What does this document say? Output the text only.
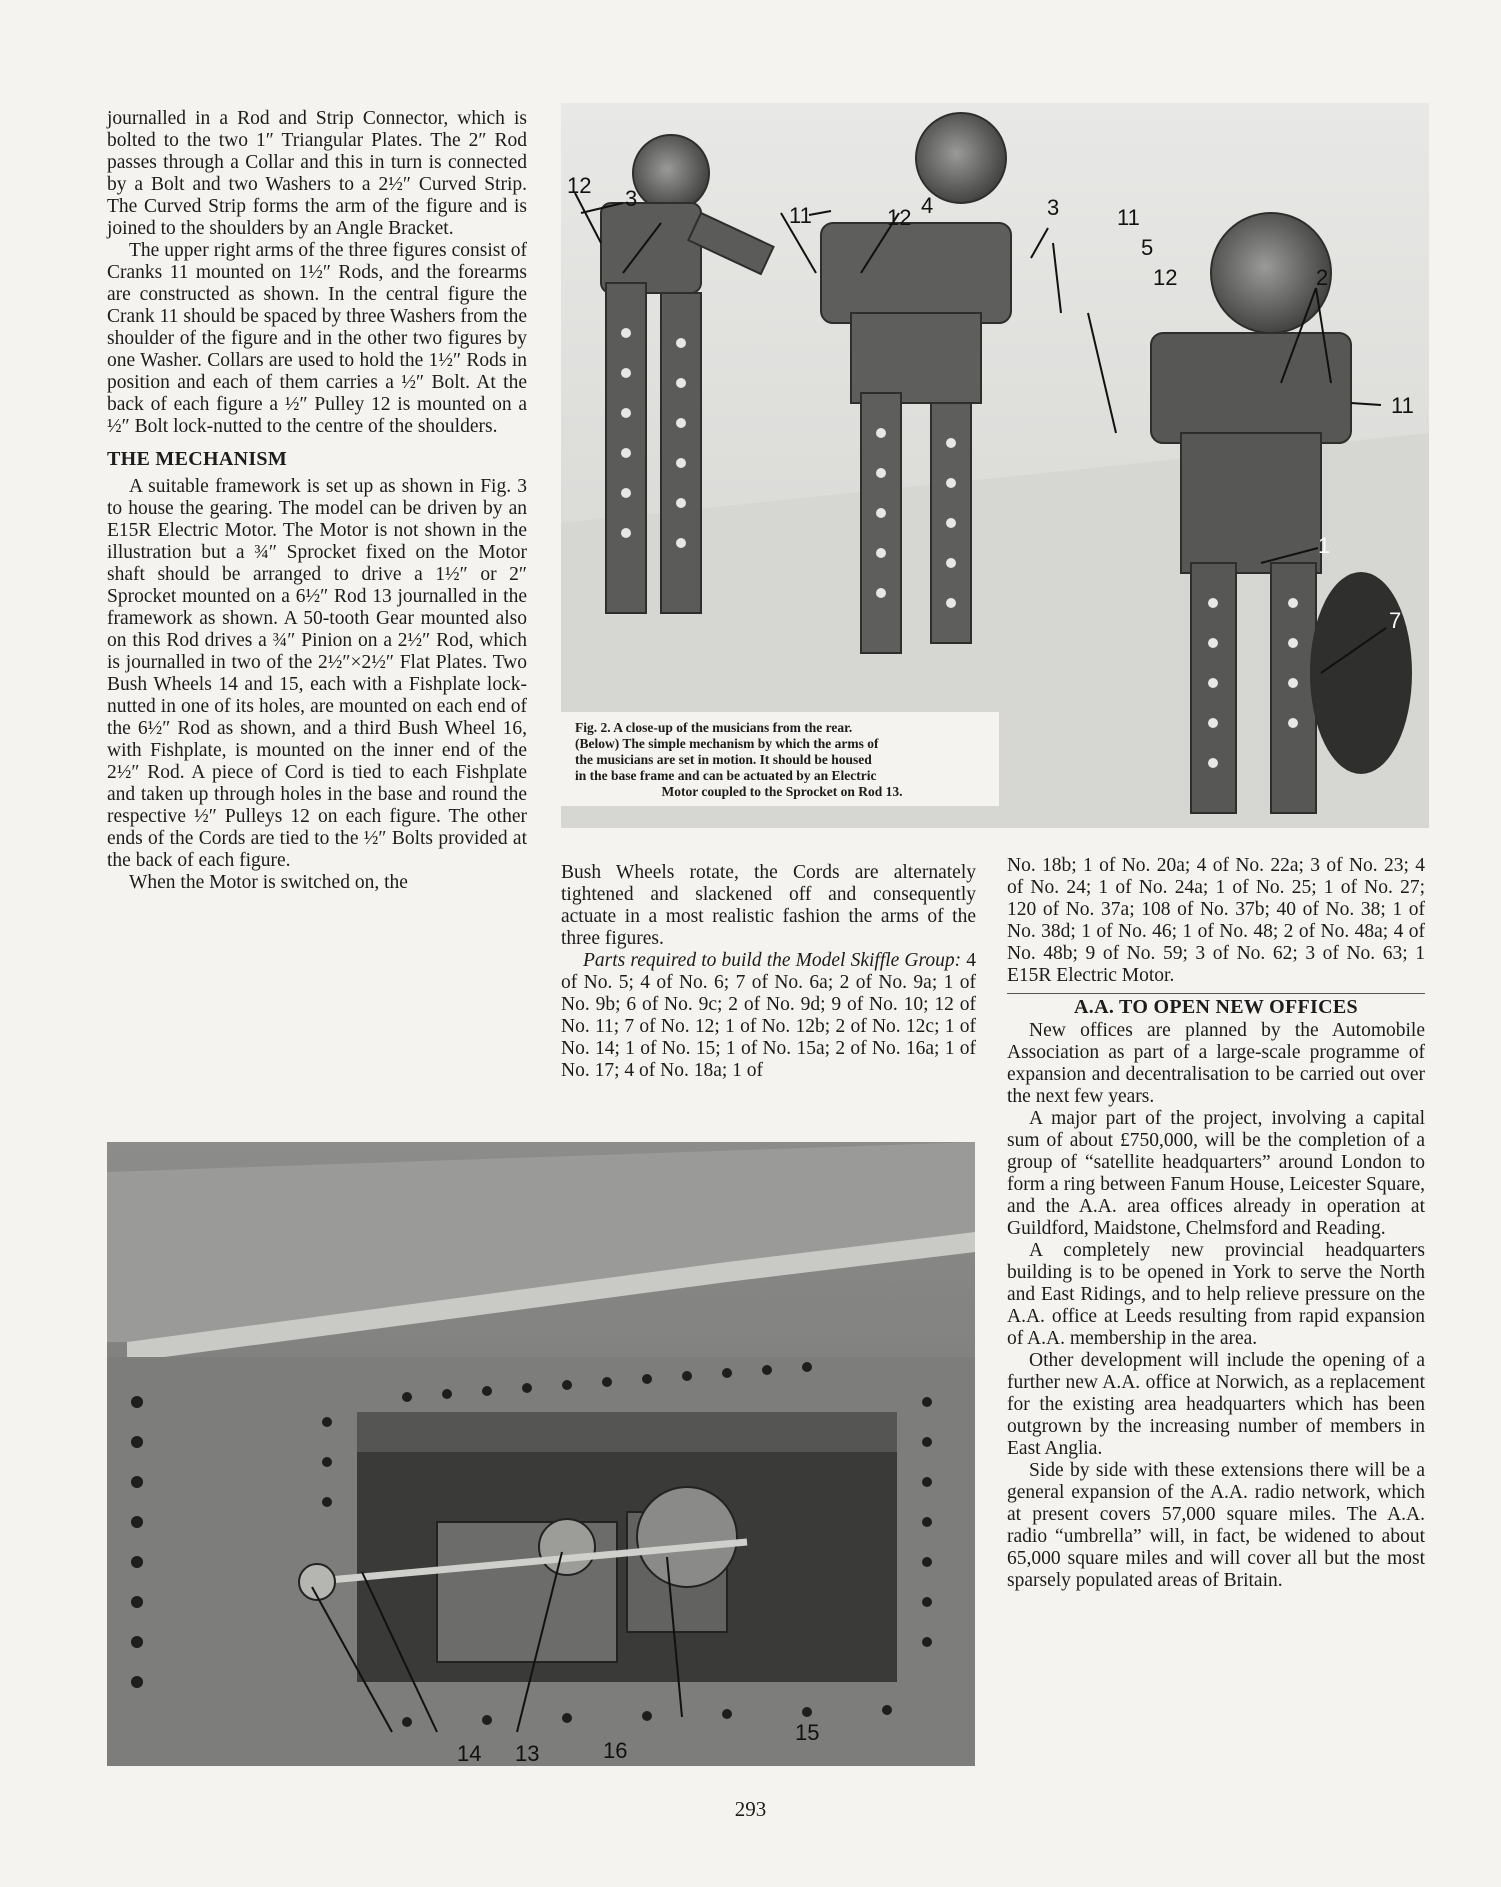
journalled in a Rod and Strip Connector, which is bolted to the two 1″ Triangular Plates. The 2″ Rod passes through a Collar and this in turn is connected by a Bolt and two Washers to a 2½″ Curved Strip. The Curved Strip forms the arm of the figure and is joined to the shoulders by an Angle Bracket.

The upper right arms of the three figures consist of Cranks 11 mounted on 1½″ Rods, and the forearms are constructed as shown. In the central figure the Crank 11 should be spaced by three Washers from the shoulder of the figure and in the other two figures by one Washer. Collars are used to hold the 1½″ Rods in position and each of them carries a ½″ Bolt. At the back of each figure a ½″ Pulley 12 is mounted on a ½″ Bolt lock-nutted to the centre of the shoulders.

THE MECHANISM

A suitable framework is set up as shown in Fig. 3 to house the gearing. The model can be driven by an E15R Electric Motor. The Motor is not shown in the illustration but a ¾″ Sprocket fixed on the Motor shaft should be arranged to drive a 1½″ or 2″ Sprocket mounted on a 6½″ Rod 13 journalled in the framework as shown. A 50-tooth Gear mounted also on this Rod drives a ¾″ Pinion on a 2½″ Rod, which is journalled in two of the 2½″×2½″ Flat Plates. Two Bush Wheels 14 and 15, each with a Fishplate lock-nutted in one of its holes, are mounted on each end of the 6½″ Rod as shown, and a third Bush Wheel 16, with Fishplate, is mounted on the inner end of the 2½″ Rod. A piece of Cord is tied to each Fishplate and taken up through holes in the base and round the respective ½″ Pulleys 12 on each figure. The other ends of the Cords are tied to the ½″ Bolts provided at the back of each figure.

When the Motor is switched on, the

12
3
11	12 4	3	11
5
12	2
11
1
7
Fig. 2. A close-up of the musicians from the rear.
(Below) The simple mechanism by which the arms of
the musicians are set in motion. It should be housed
in the base frame and can be actuated by an Electric
Motor coupled to the Sprocket on Rod 13.

Bush Wheels rotate, the Cords are alternately tightened and slackened off and consequently actuate in a most realistic fashion the arms of the three figures.

Parts required to build the Model Skiffle Group: 4 of No. 5; 4 of No. 6; 7 of No. 6a; 2 of No. 9a; 1 of No. 9b; 6 of No. 9c; 2 of No. 9d; 9 of No. 10; 12 of No. 11; 7 of No. 12; 1 of No. 12b; 2 of No. 12c; 1 of No. 14; 1 of No. 15; 1 of No. 15a; 2 of No. 16a; 1 of No. 17; 4 of No. 18a; 1 of

No. 18b; 1 of No. 20a; 4 of No. 22a; 3 of No. 23; 4 of No. 24; 1 of No. 24a; 1 of No. 25; 1 of No. 27; 120 of No. 37a; 108 of No. 37b; 40 of No. 38; 1 of No. 38d; 1 of No. 46; 1 of No. 48; 2 of No. 48a; 4 of No. 48b; 9 of No. 59; 3 of No. 62; 3 of No. 63; 1 E15R Electric Motor.

A.A. TO OPEN NEW OFFICES

New offices are planned by the Automobile Association as part of a large-scale programme of expansion and decentralisation to be carried out over the next few years.

A major part of the project, involving a capital sum of about £750,000, will be the completion of a group of “satellite headquarters” around London to form a ring between Fanum House, Leicester Square, and the A.A. area offices already in operation at Guildford, Maidstone, Chelmsford and Reading.

A completely new provincial headquarters building is to be opened in York to serve the North and East Ridings, and to help relieve pressure on the A.A. office at Leeds resulting from rapid expansion of A.A. membership in the area.

Other development will include the opening of a further new A.A. office at Norwich, as a replacement for the existing area headquarters which has been outgrown by the increasing number of members in East Anglia.

Side by side with these extensions there will be a general expansion of the A.A. radio network, which at present covers 57,000 square miles. The A.A. radio “umbrella” will, in fact, be widened to about 65,000 square miles and will cover all but the most sparsely populated areas of Britain.

14 13	16
15
293
